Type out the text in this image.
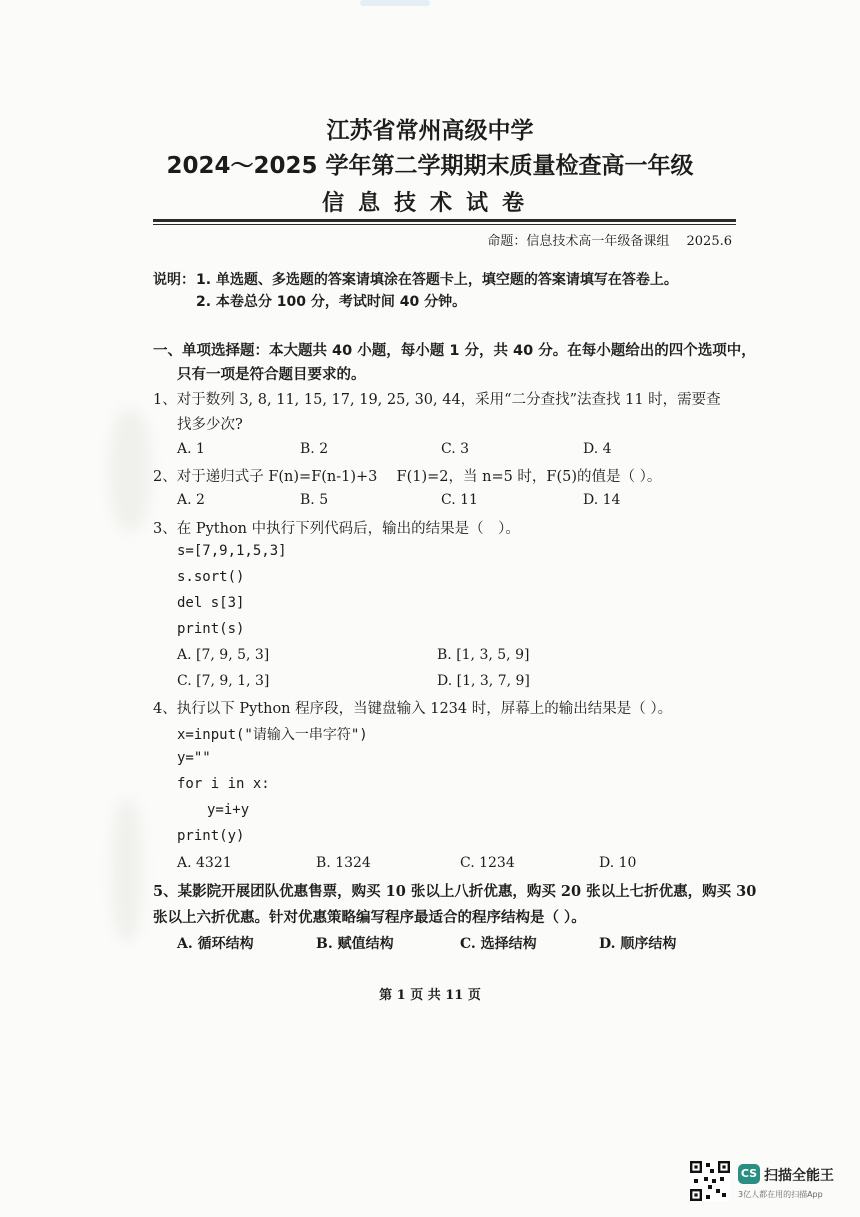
江苏省常州高级中学
2024～2025 学年第二学期期末质量检查高一年级
信息技术试卷
命题：信息技术高一年级备课组　 2025.6
说明： 1. 单选题、多选题的答案请填涂在答题卡上，填空题的答案请填写在答卷上。
2. 本卷总分 100 分，考试时间 40 分钟。
一、单项选择题：本大题共 40 小题，每小题 1 分，共 40 分。在每小题给出的四个选项中，
只有一项是符合题目要求的。
1、对于数列 3, 8, 11, 15, 17, 19, 25, 30, 44，采用“二分查找”法查找 11 时，需要查
找多少次?
A. 1	B. 2	C. 3	D. 4
2、对于递归式子 F(n)=F(n-1)+3　 F(1)=2，当 n=5 时，F(5)的值是（ ）。
A. 2	B. 5	C. 11	D. 14
3、在 Python 中执行下列代码后，输出的结果是（　）。
s=[7,9,1,5,3]
s.sort()
del s[3]
print(s)
A. [7, 9, 5, 3]	B. [1, 3, 5, 9]
C. [7, 9, 1, 3]	D. [1, 3, 7, 9]
4、执行以下 Python 程序段，当键盘输入 1234 时，屏幕上的输出结果是（ ）。
x=input("请输入一串字符")
y=""
for i in x:
y=i+y
print(y)
A. 4321	B. 1324	C. 1234	D. 10
5、某影院开展团队优惠售票，购买 10 张以上八折优惠，购买 20 张以上七折优惠，购买 30
张以上六折优惠。针对优惠策略编写程序最适合的程序结构是（ ）。
A. 循环结构	B. 赋值结构	C. 选择结构	D. 顺序结构
第 1 页 共 11 页
CS 扫描全能王
3亿人都在用的扫描App
